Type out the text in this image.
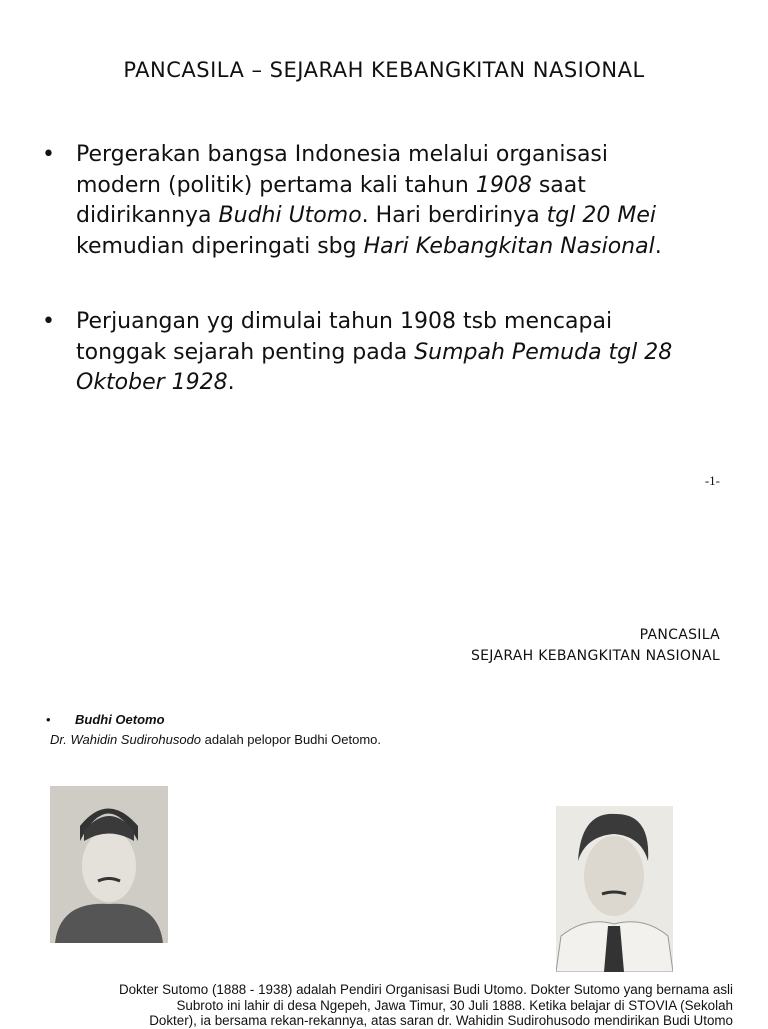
PANCASILA – SEJARAH KEBANGKITAN NASIONAL
• Pergerakan bangsa Indonesia melalui organisasi
modern (politik) pertama kali tahun 1908 saat
didirikannya Budhi Utomo. Hari berdirinya tgl 20 Mei
kemudian diperingati sbg Hari Kebangkitan Nasional.
• Perjuangan yg dimulai tahun 1908 tsb mencapai
tonggak sejarah penting pada Sumpah Pemuda tgl 28
Oktober 1928.
-1-
PANCASILA
SEJARAH KEBANGKITAN NASIONAL
• Budhi Oetomo
Dr. Wahidin Sudirohusodo adalah pelopor Budhi Oetomo.
Dokter Sutomo (1888 - 1938) adalah Pendiri Organisasi Budi Utomo. Dokter Sutomo yang bernama asli
Subroto ini lahir di desa Ngepeh, Jawa Timur, 30 Juli 1888. Ketika belajar di STOVIA (Sekolah
Dokter), ia bersama rekan-rekannya, atas saran dr. Wahidin Sudirohusodo mendirikan Budi Utomo
